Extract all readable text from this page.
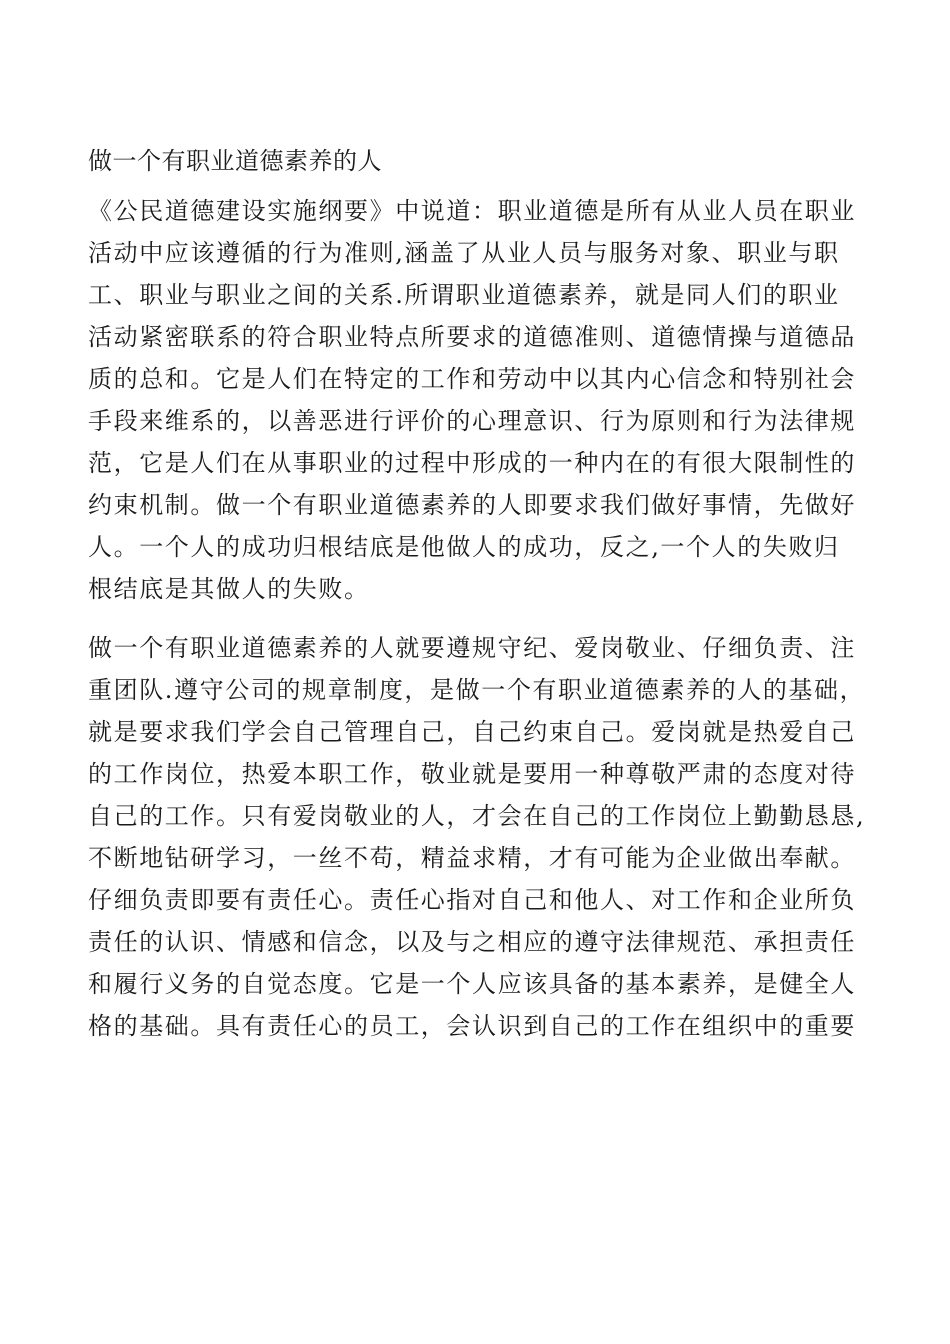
做一个有职业道德素养的人

《公民道德建设实施纲要》中说道：职业道德是所有从业人员在职业
活动中应该遵循的行为准则,涵盖了从业人员与服务对象、职业与职
工、职业与职业之间的关系.所谓职业道德素养，就是同人们的职业
活动紧密联系的符合职业特点所要求的道德准则、道德情操与道德品
质的总和。它是人们在特定的工作和劳动中以其内心信念和特别社会
手段来维系的，以善恶进行评价的心理意识、行为原则和行为法律规
范，它是人们在从事职业的过程中形成的一种内在的有很大限制性的
约束机制。做一个有职业道德素养的人即要求我们做好事情，先做好
人。一个人的成功归根结底是他做人的成功，反之,一个人的失败归
根结底是其做人的失败。
做一个有职业道德素养的人就要遵规守纪、爱岗敬业、仔细负责、注
重团队.遵守公司的规章制度，是做一个有职业道德素养的人的基础，
就是要求我们学会自己管理自己，自己约束自己。爱岗就是热爱自己
的工作岗位，热爱本职工作，敬业就是要用一种尊敬严肃的态度对待
自己的工作。只有爱岗敬业的人，才会在自己的工作岗位上勤勤恳恳,
不断地钻研学习，一丝不苟，精益求精，才有可能为企业做出奉献。
仔细负责即要有责任心。责任心指对自己和他人、对工作和企业所负
责任的认识、情感和信念，以及与之相应的遵守法律规范、承担责任
和履行义务的自觉态度。它是一个人应该具备的基本素养，是健全人
格的基础。具有责任心的员工，会认识到自己的工作在组织中的重要
